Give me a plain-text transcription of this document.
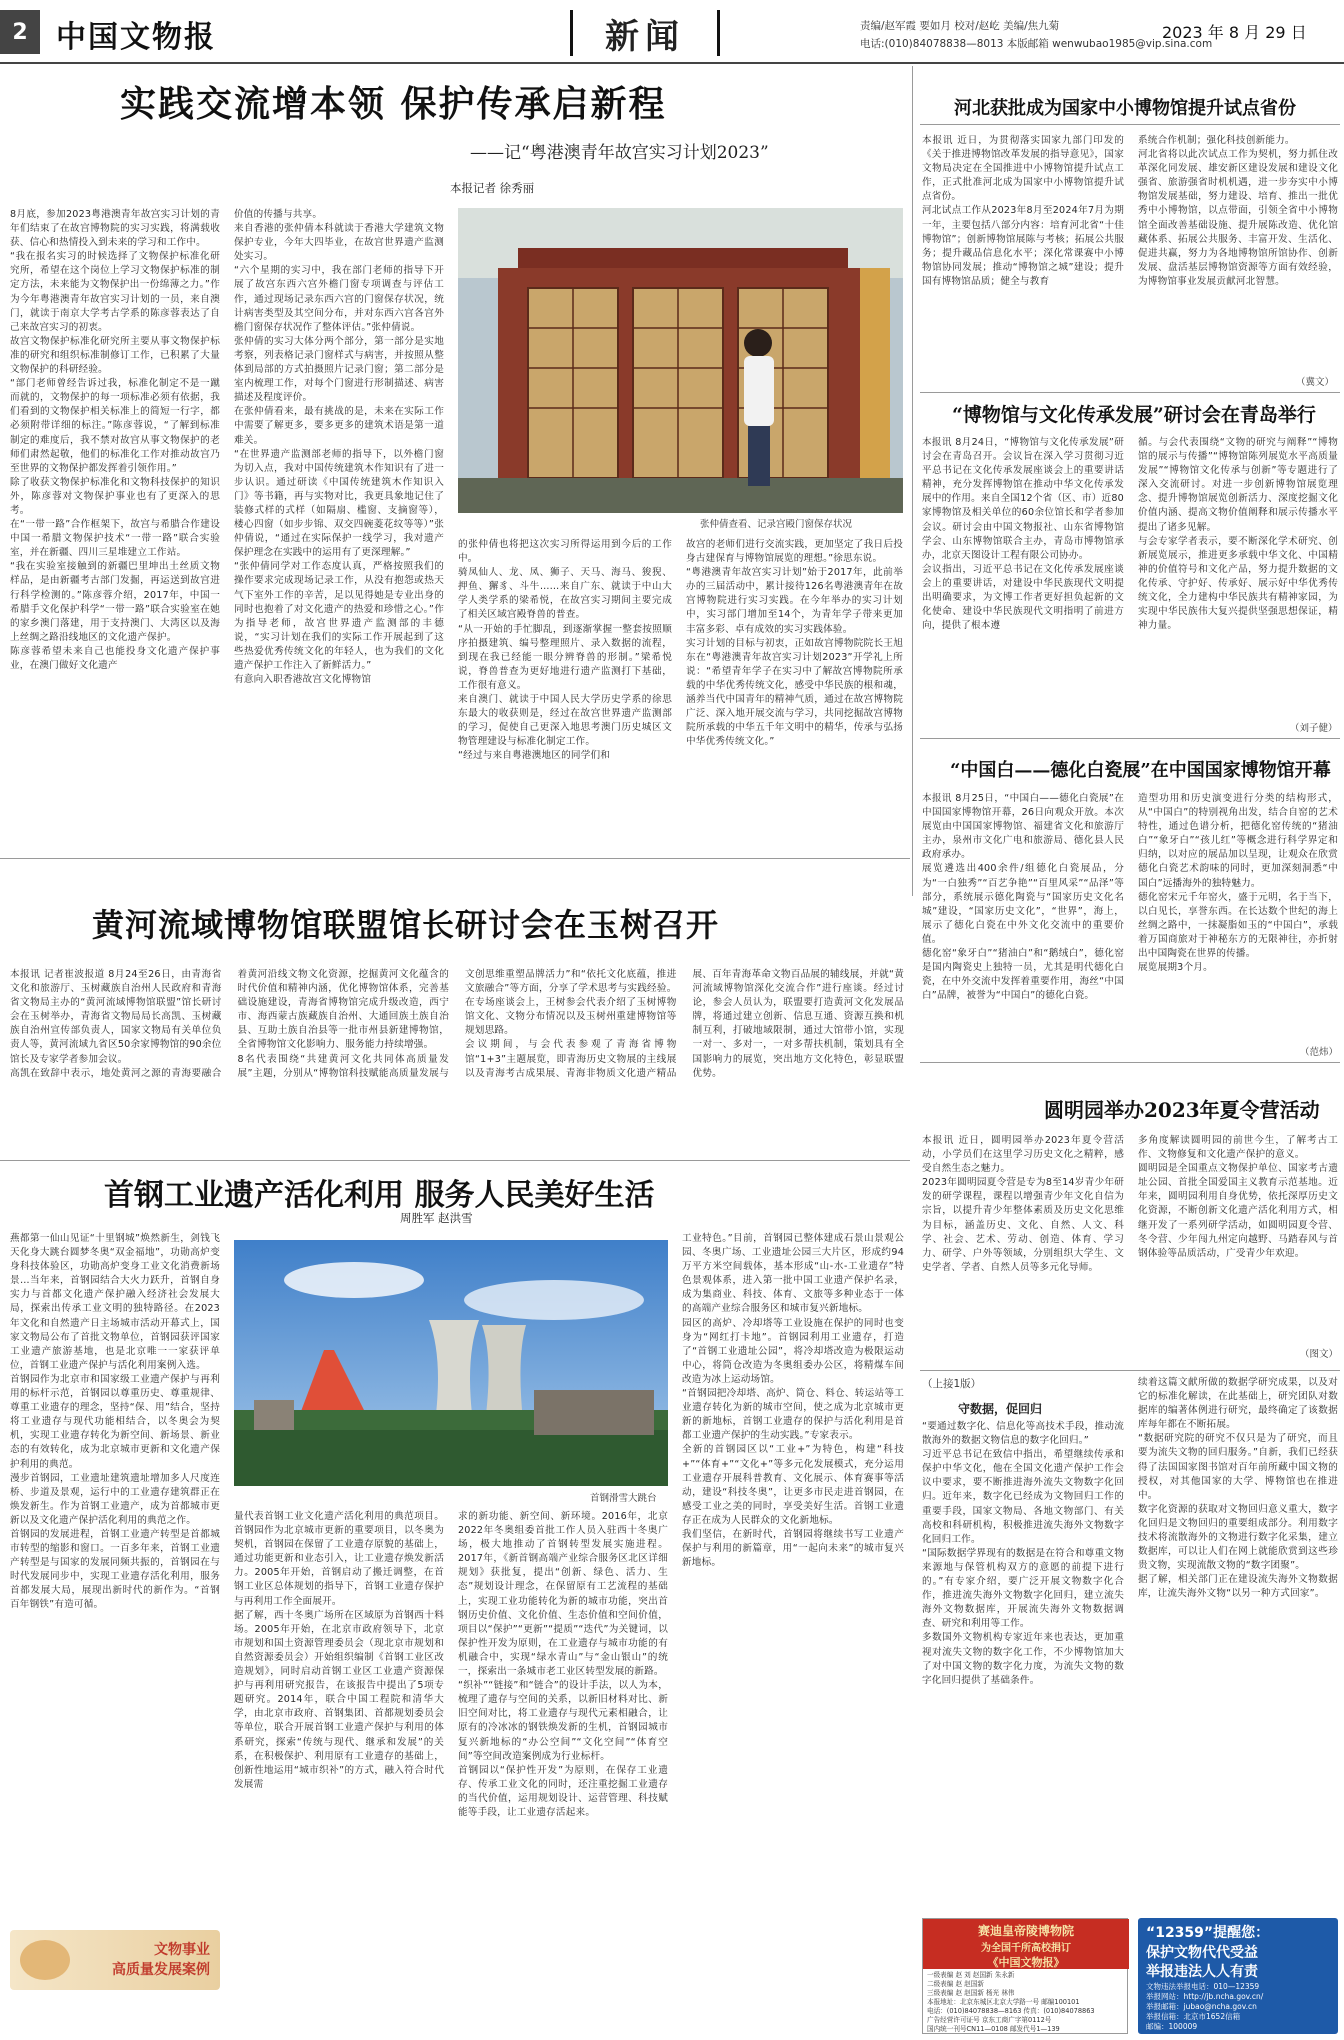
2 中国文物报	新闻	责编/赵军霞 要如月 校对/赵屹 美编/焦九菊
电话:(010)84078838—8013 本版邮箱 wenwubao1985@vip.sina.com
2023 年 8 月 29 日
实践交流增本领 保护传承启新程
——记“粤港澳青年故宫实习计划2023”
本报记者 徐秀丽
8月底，参加2023粤港澳青年故宫实习计划的青年们结束了在故宫博物院的实习实践，将满载收获、信心和热情投入到未来的学习和工作中。
“我在报名实习的时候选择了文物保护标准化研究所，希望在这个岗位上学习文物保护标准的制定方法，未来能为文物保护出一份绵薄之力。”作为今年粤港澳青年故宫实习计划的一员，来自澳门，就读于南京大学考古学系的陈彦蓉表达了自己来故宫实习的初衷。
故宫文物保护标准化研究所主要从事文物保护标准的研究和组织标准制修订工作，已积累了大量文物保护的科研经验。
“部门老师曾经告诉过我，标准化制定不是一蹴而就的，文物保护的每一项标准必须有依据，我们看到的文物保护相关标准上的简短一行字，都必须附带详细的标注。”陈彦蓉说，“了解到标准制定的难度后，我不禁对故宫从事文物保护的老师们肃然起敬，他们的标准化工作对推动故宫乃至世界的文物保护都发挥着引领作用。”
除了收获文物保护标准化和文物科技保护的知识外，陈彦蓉对文物保护事业也有了更深入的思考。
在“一带一路”合作框架下，故宫与希腊合作建设中国一希腊文物保护技术“一带一路”联合实验室，并在新疆、四川三星堆建立工作站。
“我在实验室接触到的新疆巴里坤出土丝质文物样品，是由新疆考古部门发掘，再运送到故宫进行科学检测的。”陈彦蓉介绍，2017年，中国一希腊手文化保护科学“一带一路”联合实验室在她的家乡澳门落建，用于支持澳门、大湾区以及海上丝绸之路沿线地区的文化遗产保护。
陈彦蓉希望未来自己也能投身文化遗产保护事业，在澳门做好文化遗产
价值的传播与共享。
来自香港的张仲倩本科就读于香港大学建筑文物保护专业，今年大四毕业，在故宫世界遗产监测处实习。
“六个星期的实习中，我在部门老师的指导下开展了故宫东西六宫外檐门窗专项调查与评估工作，通过现场记录东西六宫的门窗保存状况，统计病害类型及其空间分布，并对东西六宫各宫外檐门窗保存状况作了整体评估。”张仲倩说。
张仲倩的实习大体分两个部分，第一部分是实地考察，列表格记录门窗样式与病害，并按照从整体到局部的方式拍摄照片记录门窗；第二部分是室内梳理工作，对每个门窗进行形制描述、病害描述及程度评价。
在张仲倩看来，最有挑战的是，未来在实际工作中需要了解更多，要多更多的建筑术语是第一道难关。
“在世界遗产监测部老师的指导下，以外檐门窗为切入点，我对中国传统建筑木作知识有了进一步认识。通过研读《中国传统建筑木作知识入门》等书籍，再与实物对比，我更具象地记住了装修式样的式样（如隔扇、槛窗、支摘窗等），楼心四窗（如步步锦、双交四碗菱花纹等等）”张仲倩说，“通过在实际保护一线学习，我对遗产保护理念在实践中的运用有了更深理解。”
“张仲倩同学对工作态度认真，严格按照我们的操作要求完成现场记录工作，从没有抱怨或热天气下室外工作的辛苦，足以见得她是专业出身的同时也抱着了对文化遗产的热爱和珍惜之心。”作为指导老师，故宫世界遗产监测部的丰德说，“实习计划在我们的实际工作开展起到了这些热爱优秀传统文化的年轻人，也为我们的文化遗产保护工作注入了新鲜活力。”
有意向入职香港故宫文化博物馆
张仲倩查看、记录宫殿门窗保存状况
的张仲倩也将把这次实习所得运用到今后的工作中。
骑凤仙人、龙、凤、狮子、天马、海马、狻猊、押鱼、獬豸、斗牛……来自广东、就读于中山大学人类学系的梁希悦，在故宫实习期间主要完成了相关区域宫殿脊兽的普查。
“从一开始的手忙脚乱，到逐渐掌握一整套按照顺序拍摄建筑、编号整理照片、录入数据的流程，到现在我已经能一眼分辨脊兽的形制。”梁希悦说，脊兽普查为更好地进行遗产监测打下基础，工作很有意义。
来自澳门、就读于中国人民大学历史学系的徐思东最大的收获则是，经过在故宫世界遗产监测部的学习，促使自己更深入地思考澳门历史城区文物管理建设与标准化制定工作。
“经过与来自粤港澳地区的同学们和
故宫的老师们进行交流实践，更加坚定了我日后投身古建保育与博物馆展览的理想。”徐思东说。
“粤港澳青年故宫实习计划”始于2017年，此前举办的三届活动中，累计接待126名粤港澳青年在故宫博物院进行实习实践。在今年举办的实习计划中，实习部门增加至14个，为青年学子带来更加丰富多彩、卓有成效的实习实践体验。
实习计划的目标与初衷，正如故宫博物院院长王旭东在“粤港澳青年故宫实习计划2023”开学礼上所说：“希望青年学子在实习中了解故宫博物院所承载的中华优秀传统文化，感受中华民族的根和魂，涵养当代中国青年的精神气质，通过在故宫博物院广泛、深入地开展交流与学习，共同挖掘故宫博物院所承载的中华五千年文明中的精华，传承与弘扬中华优秀传统文化。”
河北获批成为国家中小博物馆提升试点省份
本报讯 近日，为贯彻落实国家九部门印发的《关于推进博物馆改革发展的指导意见》，国家文物局决定在全国推进中小博物馆提升试点工作，正式批准河北成为国家中小博物馆提升试点省份。
河北试点工作从2023年8月至2024年7月为期一年，主要包括八部分内容：培育河北省“十佳博物馆”；创新博物馆展陈与考核；拓展公共服务；提升藏品信息化水平；深化常课赛中小博物馆协同发展；推动“博物馆之城”建设；提升国有博物馆品质；健全与教育
系统合作机制；强化科技创新能力。
河北省将以此次试点工作为契机，努力抓住改革深化同发展、雄安新区建设发展和建设文化强省、旅游强省时机机遇，进一步夯实中小博物馆发展基础，努力建设、培育、推出一批优秀中小博物馆，以点带面，引领全省中小博物馆全面改善基础设施、提升展陈改造、优化馆藏体系、拓展公共服务、丰富开发、生活化、促进共赢，努力为各地博物馆所馆协作、创新发展、盘活基层博物馆资源等方面有效经验，为博物馆事业发展贡献河北智慧。
（冀文）
“博物馆与文化传承发展”研讨会在青岛举行
本报讯 8月24日，“博物馆与文化传承发展”研讨会在青岛召开。会议旨在深入学习贯彻习近平总书记在文化传承发展座谈会上的重要讲话精神，充分发挥博物馆在推动中华文化传承发展中的作用。来自全国12个省（区、市）近80家博物馆及相关单位的60余位馆长和学者参加会议。研讨会由中国文物报社、山东省博物馆学会、山东博物馆联合主办，青岛市博物馆承办，北京天图设计工程有限公司协办。
会议指出，习近平总书记在文化传承发展座谈会上的重要讲话，对建设中华民族现代文明提出明确要求，为文博工作者更好担负起新的文化使命、建设中华民族现代文明指明了前进方向，提供了根本遵
循。与会代表围绕“文物的研究与阐释”“博物馆的展示与传播”“博物馆陈列展览水平高质量发展”“博物馆文化传承与创新”等专题进行了深入交流研讨。对进一步创新博物馆展览理念、提升博物馆展览创新活力、深度挖掘文化价值内涵、提高文物价值阐释和展示传播水平提出了诸多见解。
与会专家学者表示，要不断深化学术研究、创新展览展示，推进更多承载中华文化、中国精神的价值符号和文化产品，努力提升数据的文化传承、守护好、传承好、展示好中华优秀传统文化，全力建构中华民族共有精神家园，为实现中华民族伟大复兴提供坚强思想保证，精神力量。
（刘子健）
“中国白——德化白瓷展”在中国国家博物馆开幕
本报讯 8月25日，“中国白——德化白瓷展”在中国国家博物馆开幕，26日向观众开放。本次展览由中国国家博物馆、福建省文化和旅游厅主办，泉州市文化广电和旅游局、德化县人民政府承办。
展览遴选出400余件/组德化白瓷展品，分为“一白独秀”“百艺争艳”“百里风采”“品泽”等部分，系统展示德化陶瓷与“国家历史文化名城”建设，“国家历史文化”，“世界”，海上，展示了德化白瓷在中外文化交流中的重要价值。
德化窑“象牙白”“猪油白”和“鹅绒白”，德化窑是国内陶瓷史上独特一员，尤其是明代德化白瓷，在中外交流中发挥着重要作用，海丝“中国白”品牌，被誉为“中国白”的德化白瓷。
造型功用和历史演变进行分类的结构形式，从“中国白”的特别视角出发，结合自窑的艺术特性，通过色谱分析，把德化窑传统的“猪油白”“象牙白”“孩儿红”等概念进行科学界定和归纳，以对应的展品加以呈现，让观众在欣赏德化白瓷艺术韵味的同时，更加深刻洞悉“中国白”远播海外的独特魅力。
德化窑宋元千年窑火，盛于元明，名于当下，以白见长，享誉东西。在长达数个世纪的海上丝绸之路中，一抹凝脂如玉的“中国白”，承载着万国商旅对于神秘东方的无限神往，亦折射出中国陶瓷在世界的传播。
展览展期3个月。
（范炜）
圆明园举办2023年夏令营活动
本报讯 近日，圆明园举办2023年夏令营活动，小学员们在这里学习历史文化之精粹，感受自然生态之魅力。
2023年圆明园夏令营是专为8至14岁青少年研发的研学课程，课程以增强青少年文化自信为宗旨，以提升青少年整体素质及历史文化思维为目标，涵盖历史、文化、自然、人文、科学、社会、艺术、劳动、创造、体育、学习力、研学、户外等领域，分别组织大学生、文史学者、学者、自然人员等多元化导师。
多角度解读圆明园的前世今生，了解考古工作、文物修复和文化遗产保护的意义。
圆明园是全国重点文物保护单位、国家考古遗址公园、首批全国爱国主义教育示范基地。近年来，圆明园利用自身优势，依托深厚历史文化资源，不断创新文化遗产活化利用方式，相继开发了一系列研学活动，如圆明园夏令营、冬令营、少年闯九州定向越野、马踏春风与首钢体验等品质活动，广受青少年欢迎。
（图文）
黄河流域博物馆联盟馆长研讨会在玉树召开
本报讯 记者崔波报道 8月24至26日，由青海省文化和旅游厅、玉树藏族自治州人民政府和青海省文物局主办的“黄河流域博物馆联盟”馆长研讨会在玉树举办，青海省文物局局长高凯、玉树藏族自治州宣传部负责人，国家文物局有关单位负责人等，黄河流域九省区50余家博物馆的90余位馆长及专家学者参加会议。
高凯在致辞中表示，地处黄河之源的青海要融合着黄河沿线文物文化资源，挖掘黄河文化蕴含的时代价值和精神内涵，优化博物馆体系，完善基础设施建设，青海省博物馆完成升级改造，西宁市、海西蒙古族藏族自治州、大通回族土族自治县、互助土族自治县等一批市州县新建博物馆，全省博物馆文化影响力、服务能力持续增强。
8名代表围绕“共建黄河文化共同体高质量发展”主题，分别从“博物馆科技赋能高质量发展与文创思维重塑品牌活力”和“依托文化底蕴，推进文旅融合”等方面，分享了学术思考与实践经验。在专场座谈会上，王树参会代表介绍了玉树博物馆文化、文物分布情况以及玉树州重建博物馆等规划思路。
会议期间，与会代表参观了青海省博物馆“1+3”主题展览，即青海历史文物展的主线展以及青海考古成果展、青海非物质文化遗产精品展、百年青海革命文物百品展的辅线展，并就“黄河流域博物馆深化交流合作”进行座谈。经过讨论，参会人员认为，联盟要打造黄河文化发展品牌，将通过建立创新、信息互通、资源互换和机制互利，打破地域限制，通过大馆带小馆，实现一对一、多对一，一对多帮扶机制，策划具有全国影响力的展览，突出地方文化特色，彰显联盟优势。
首钢工业遗产活化利用 服务人民美好生活
周胜军 赵洪雪
燕都第一仙山见证“十里钢城”焕然新生，剑钱飞天化身大跳台圆梦冬奥“双金福地”，功勋高炉变身科技体验区，功勋高炉变身工业文化消费新场景…当年来，首钢园结合大火力跃升，首钢自身实力与首都文化遗产保护融入经济社会发展大局，探索出传承工业文明的独特路径。在2023年文化和自然遗产日主场城市活动开幕式上，国家文物局公布了首批文物单位，首钢园获评国家工业遗产旅游基地，也是北京唯一一家获评单位，首钢工业遗产保护与活化利用案例入选。
首钢园作为北京市和国家级工业遗产保护与再利用的标杆示范，首钢园以尊重历史、尊重规律、尊重工业遗存的理念，坚持“保、用”结合，坚持将工业遗存与现代功能相结合，以冬奥会为契机，实现工业遗存转化为新空间、新场景、新业态的有效转化，成为北京城市更新和文化遗产保护利用的典范。
漫步首钢园，工业遗址建筑遗址增加多人尺度连桥、步道及景观，运行中的工业遗存建筑群正在焕发新生。作为首钢工业遗产，成为首都城市更新以及文化遗产保护活化利用的典范之作。
首钢园的发展进程，首钢工业遗产转型是首都城市转型的缩影和窗口。一百多年来，首钢工业遗产转型是与国家的发展同频共振的，首钢园在与时代发展同步中，实现工业遗存活化利用，服务首都发展大局，展现出新时代的新作为。“首钢百年钢铁”有造可循。
首钢滑雪大跳台
量代表首钢工业文化遗产活化利用的典范项目。首钢园作为北京城市更新的重要项目，以冬奥为契机，首钢园在保留了工业遗存原貌的基础上，通过功能更新和业态引入，让工业遗存焕发新活力。2005年开始，首钢启动了搬迁调整，在首钢工业区总体规划的指导下，首钢工业遗存保护与再利用工作全面展开。
据了解，西十冬奥广场所在区域原为首钢西十料场。2005年开始，在北京市政府领导下，北京市规划和国土资源管理委员会（现北京市规划和自然资源委员会）开始组织编制《首钢工业区改造规划》，同时启动首钢工业区工业遗产资源保护与再利用研究报告，在该报告中提出了5项专题研究。2014年，联合中国工程院和清华大学，由北京市政府、首钢集团、首都规划委员会等单位，联合开展首钢工业遗产保护与利用的体系研究，探索“传统与现代、继承和发展”的关系，在积极保护、利用原有工业遗存的基础上，创新性地运用“城市织补”的方式，融入符合时代发展需
求的新功能、新空间、新环境。2016年，北京2022年冬奥组委首批工作人员入驻西十冬奥广场，极大地推动了首钢转型发展实施进程。2017年，《新首钢高端产业综合服务区北区详细规划》获批复，提出“创新、绿色、活力、生态”规划设计理念，在保留原有工艺流程的基础上，实现工业功能转化为新的城市功能，突出首钢历史价值、文化价值、生态价值和空间价值，项目以“保护”“更新”“提质”“迭代”为关键词，以保护性开发为原则，在工业遗存与城市功能的有机融合中，实现“绿水青山”与“金山银山”的统一，探索出一条城市老工业区转型发展的新路。
“织补”“链接”和“链合”的设计手法，以人为本，梳理了遗存与空间的关系，以新旧材料对比、新旧空间对比，将工业遗存与现代元素相融合，让原有的冷冰冰的钢铁焕发新的生机，首钢园城市复兴新地标的“办公空间”“文化空间”“体育空间”等空间改造案例成为行业标杆。
首钢园以“保护性开发”为原则，在保存工业遗存、传承工业文化的同时，还注重挖掘工业遗存的当代价值，运用规划设计、运营管理、科技赋能等手段，让工业遗存活起来。
工业特色。”目前，首钢园已整体建成石景山景观公园、冬奥广场、工业遗址公园三大片区，形成约94万平方米空间载体，基本形成“山-水-工业遗存”特色景观体系，进入第一批中国工业遗产保护名录，成为集商业、科技、体育、文旅等多种业态于一体的高端产业综合服务区和城市复兴新地标。
园区的高炉、冷却塔等工业设施在保护的同时也变身为“网红打卡地”。首钢园利用工业遗存，打造了“首钢工业遗址公园”，将冷却塔改造为极限运动中心，将筒仓改造为冬奥组委办公区，将精煤车间改造为冰上运动场馆。
“首钢园把冷却塔、高炉、筒仓、料仓、转运站等工业遗存转化为新的城市空间，使之成为北京城市更新的新地标，首钢工业遗存的保护与活化利用是首都工业遗产保护的生动实践。”专家表示。
全新的首钢园区以“工业+”为特色，构建“科技+”“体育+”“文化+”等多元化发展模式，充分运用工业遗存开展科普教育、文化展示、体育赛事等活动，建设“科技冬奥”，让更多市民走进首钢园，在感受工业之美的同时，享受美好生活。首钢工业遗存正在成为人民群众的文化新地标。
我们坚信，在新时代，首钢园将继续书写工业遗产保护与利用的新篇章，用“一起向未来”的城市复兴新地标。
文物事业
高质量发展案例
（上接1版）
守数据，促回归
“要通过数字化、信息化等高技术手段，推动流散海外的数据文物信息的数字化回归。”
习近平总书记在致信中指出，希望继续传承和保护中华文化，他在全国文化遗产保护工作会议中要求，要不断推进海外流失文物数字化回归。近年来，数字化已经成为文物回归工作的重要手段，国家文物局、各地文物部门、有关高校和科研机构，积极推进流失海外文物数字化回归工作。
“国际数据学界现有的数据是在符合和尊重文物来源地与保管机构双方的意愿的前提下进行的。”有专家介绍，要广泛开展文物数字化合作，推进流失海外文物数字化回归，建立流失海外文物数据库，开展流失海外文物数据调查、研究和利用等工作。
多数国外文物机构专家近年来也表达，更加重视对流失文物的数字化工作，不少博物馆加大了对中国文物的数字化力度，为流失文物的数字化回归提供了基础条件。
续着这篇文献所做的数据学研究成果，以及对它的标准化解读，在此基础上，研究团队对数据库的编著体例进行研究，最终确定了该数据库每年都在不断拓展。
“数据研究院的研究不仅只是为了研究，而且要为流失文物的回归服务。”自新，我们已经获得了法国国家图书馆对百年前所藏中国文物的授权，对其他国家的大学、博物馆也在推进中。
数字化资源的获取对文物回归意义重大，数字化回归是文物回归的重要组成部分。利用数字技术将流散海外的文物进行数字化采集，建立数据库，可以让人们在网上就能欣赏到这些珍贵文物，实现流散文物的“数字团聚”。
据了解，相关部门正在建设流失海外文物数据库，让流失海外文物“以另一种方式回家”。
赛迪皇帝陵博物院
为全国千所高校捐订
《中国文物报》
一级表编 赵 刘 赵国新 朱永新
二级表编 赵 赵国新
三级表编 赵 赵国新 杨光 林伟
本报地址：北京东城区北京大学路一号 邮编100101
电话：(010)84078838—8163 传真：(010)84078863
广告经营许可证号 京东工商广字第0112号
国内统一刊号CN11—0108 邮发代号1—139
“12359”提醒您：
保护文物代代受益
举报违法人人有责
文物违法举报电话：010—12359
举报网站：http://jb.ncha.gov.cn/
举报邮箱：jubao@ncha.gov.cn
举报信箱：北京市1652信箱
邮编：100009
